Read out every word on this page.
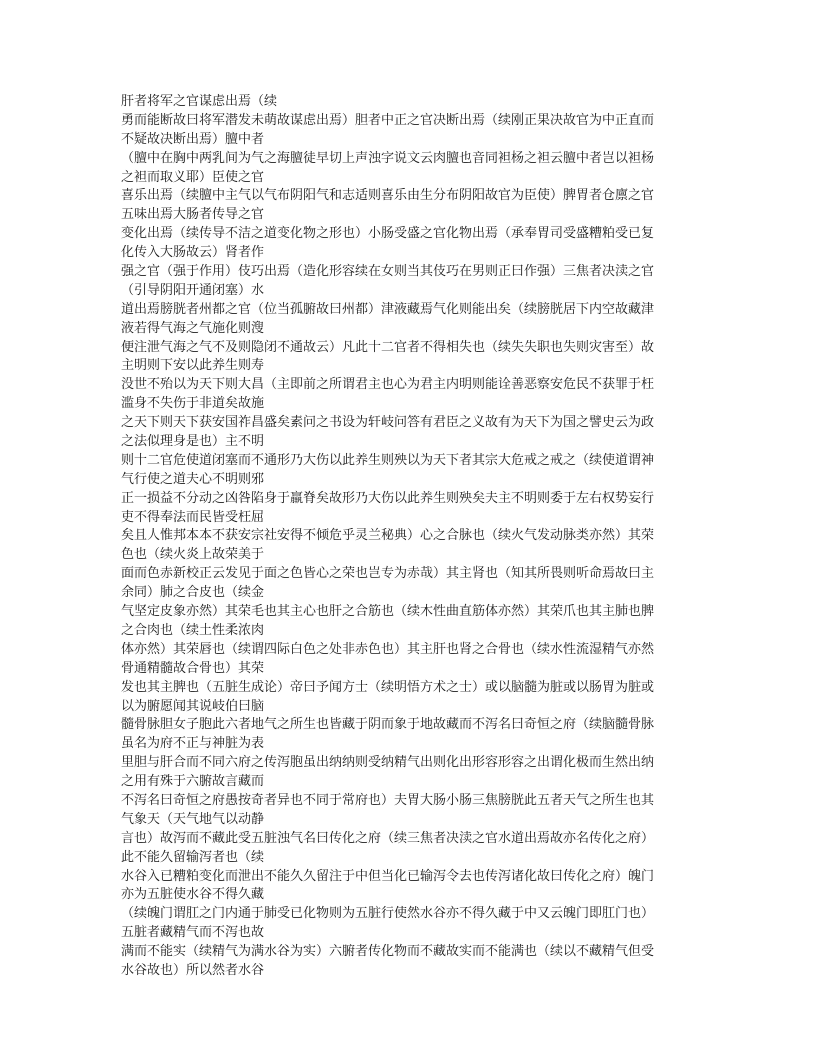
肝者将军之官谋虑出焉（续
勇而能断故曰将军潜发未萌故谋虑出焉）胆者中正之官决断出焉（续刚正果决故官为中正直而
不疑故决断出焉）膻中者
（膻中在胸中两乳间为气之海膻徒早切上声浊字说文云肉膻也音同袒杨之袒云膻中者岂以袒杨
之袒而取义耶）臣使之官
喜乐出焉（续膻中主气以气布阴阳气和志适则喜乐由生分布阴阳故官为臣使）脾胃者仓廪之官
五味出焉大肠者传导之官
变化出焉（续传导不洁之道变化物之形也）小肠受盛之官化物出焉（承奉胃司受盛糟粕受已复
化传入大肠故云）肾者作
强之官（强于作用）伎巧出焉（造化形容续在女则当其伎巧在男则正曰作强）三焦者决渎之官
（引导阴阳开通闭塞）水
道出焉膀胱者州都之官（位当孤腑故曰州都）津液藏焉气化则能出矣（续膀胱居下内空故藏津
液若得气海之气施化则溲
便注泄气海之气不及则隐闭不通故云）凡此十二官者不得相失也（续失失职也失则灾害至）故
主明则下安以此养生则寿
没世不殆以为天下则大昌（主即前之所谓君主也心为君主内明则能诠善恶察安危民不获罪于枉
滥身不失伤于非道矣故施
之天下则天下获安国祚昌盛矣素问之书设为轩岐问答有君臣之义故有为天下为国之譬史云为政
之法似理身是也）主不明
则十二官危使道闭塞而不通形乃大伤以此养生则殃以为天下者其宗大危戒之戒之（续使道谓神
气行使之道夫心不明则邪
正一损益不分动之凶咎陷身于羸脊矣故形乃大伤以此养生则殃矣夫主不明则委于左右权势妄行
吏不得奉法而民皆受枉屈
矣且人惟邦本本不获安宗社安得不倾危乎灵兰秘典）心之合脉也（续火气发动脉类亦然）其荣
色也（续火炎上故荣美于
面而色赤新校正云发见于面之色皆心之荣也岂专为赤哉）其主肾也（知其所畏则听命焉故曰主
余同）肺之合皮也（续金
气坚定皮象亦然）其荣毛也其主心也肝之合筋也（续木性曲直筋体亦然）其荣爪也其主肺也脾
之合肉也（续土性柔浓肉
体亦然）其荣唇也（续谓四际白色之处非赤色也）其主肝也肾之合骨也（续水性流湿精气亦然
骨通精髓故合骨也）其荣
发也其主脾也（五脏生成论）帝曰予闻方士（续明悟方术之士）或以脑髓为脏或以肠胃为脏或
以为腑愿闻其说岐伯曰脑
髓骨脉胆女子胞此六者地气之所生也皆藏于阴而象于地故藏而不泻名曰奇恒之府（续脑髓骨脉
虽名为府不正与神脏为表
里胆与肝合而不同六府之传泻胞虽出纳纳则受纳精气出则化出形容形容之出谓化极而生然出纳
之用有殊于六腑故言藏而
不泻名曰奇恒之府愚按奇者异也不同于常府也）夫胃大肠小肠三焦膀胱此五者天气之所生也其
气象天（天气地气以动静
言也）故泻而不藏此受五脏浊气名曰传化之府（续三焦者决渎之官水道出焉故亦名传化之府）
此不能久留输泻者也（续
水谷入已糟粕变化而泄出不能久久留注于中但当化已输泻令去也传泻诸化故曰传化之府）魄门
亦为五脏使水谷不得久藏
（续魄门谓肛之门内通于肺受已化物则为五脏行使然水谷亦不得久藏于中又云魄门即肛门也）
五脏者藏精气而不泻也故
满而不能实（续精气为满水谷为实）六腑者传化物而不藏故实而不能满也（续以不藏精气但受
水谷故也）所以然者水谷
